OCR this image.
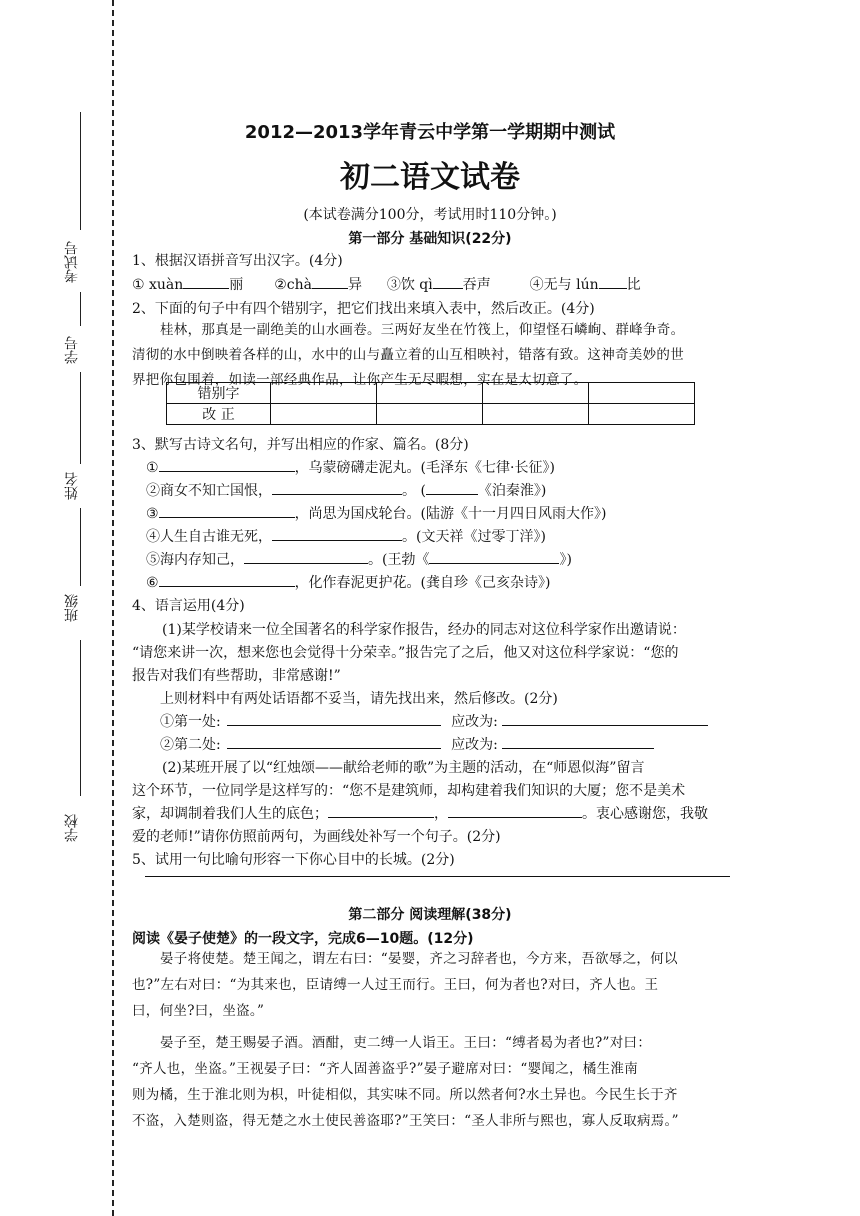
考试号
学号
姓名
班级
学校
2012—2013学年青云中学第一学期期中测试
初二语文试卷
(本试卷满分100分，考试用时110分钟。)
第一部分 基础知识(22分)
1、根据汉语拼音写出汉字。(4分)
① xuàn	丽 ②chà	异 ③饮 qì 吞声	④无与 lún 比
2、下面的句子中有四个错别字，把它们找出来填入表中，然后改正。(4分)
桂林，那真是一副绝美的山水画卷。三两好友坐在竹筏上，仰望怪石嶙峋、群峰争奇。
清彻的水中倒映着各样的山，水中的山与矗立着的山互相映衬，错落有致。这神奇美妙的世
界把你包围着，如读一部经典作品，让你产生无尽暇想，实在是太切意了。
错别字				
改 正				
3、默写古诗文名句，并写出相应的作家、篇名。(8分)
①	，乌蒙磅礴走泥丸。(毛泽东《七律·长征》)
②商女不知亡国恨，	。 (	《泊秦淮》)
③	，尚思为国戍轮台。(陆游《十一月四日风雨大作》)
④人生自古谁无死，	。(文天祥《过零丁洋》)
⑤海内存知己，	。(王勃《	》)
⑥	，化作春泥更护花。(龚自珍《己亥杂诗》)
4、语言运用(4分)
(1)某学校请来一位全国著名的科学家作报告，经办的同志对这位科学家作出邀请说：
“请您来讲一次，想来您也会觉得十分荣幸。”报告完了之后，他又对这位科学家说：“您的
报告对我们有些帮助，非常感谢!”
上则材料中有两处话语都不妥当，请先找出来，然后修改。(2分)
①第一处:	应改为:
②第二处:	应改为:
(2)某班开展了以“红烛颂——献给老师的歌”为主题的活动，在“师恩似海”留言
这个环节，一位同学是这样写的：“您不是建筑师，却构建着我们知识的大厦；您不是美术
家，却调制着我们人生的底色；	，	。衷心感谢您，我敬
爱的老师!”请你仿照前两句，为画线处补写一个句子。(2分)
5、试用一句比喻句形容一下你心目中的长城。(2分)
第二部分 阅读理解(38分)
阅读《晏子使楚》的一段文字，完成6—10题。(12分)
晏子将使楚。楚王闻之，谓左右曰：“晏婴，齐之习辞者也，今方来，吾欲辱之，何以
也?”左右对曰：“为其来也，臣请缚一人过王而行。王曰，何为者也?对曰，齐人也。王
曰，何坐?曰，坐盗。”
晏子至，楚王赐晏子酒。酒酣，吏二缚一人诣王。王曰：“缚者曷为者也?”对曰：
“齐人也，坐盗。”王视晏子曰：“齐人固善盗乎?”晏子避席对曰：“婴闻之，橘生淮南
则为橘，生于淮北则为枳，叶徒相似，其实味不同。所以然者何?水土异也。今民生长于齐
不盗，入楚则盗，得无楚之水土使民善盗耶?”王笑曰：“圣人非所与熙也，寡人反取病焉。”
